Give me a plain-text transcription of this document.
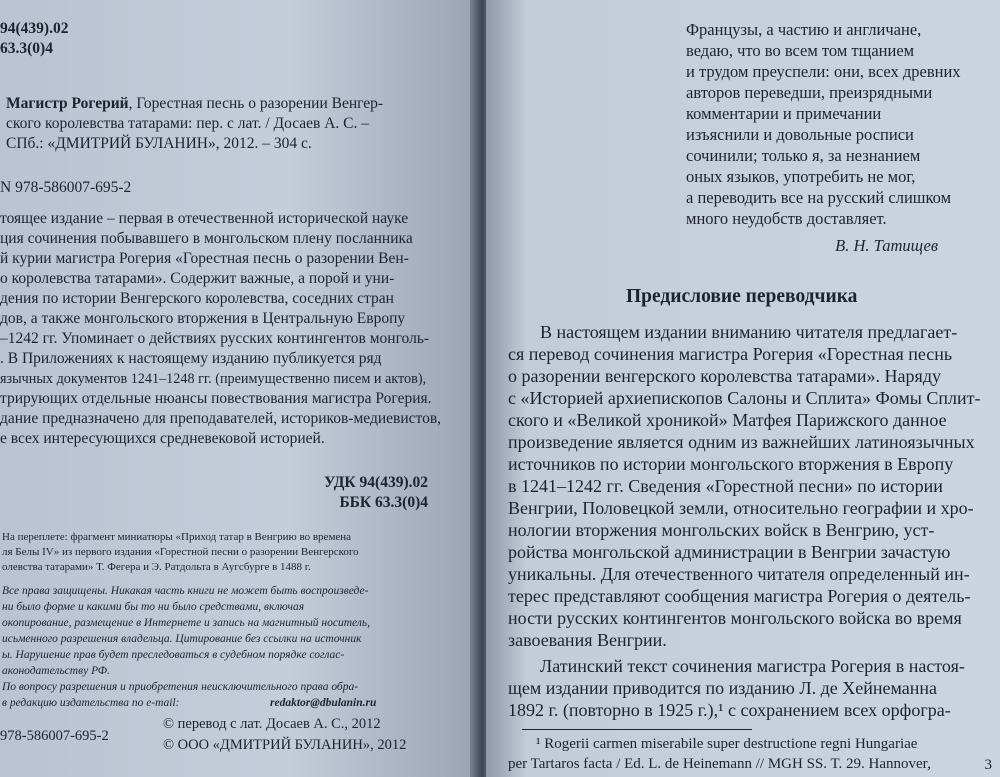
94(439).02
63.3(0)4
Магистр Рогерий, Горестная песнь о разорении Венгер-
ского королевства татарами: пер. с лат. / Досаев А. С. –
СПб.: «ДМИТРИЙ БУЛАНИН», 2012. – 304 с.
N 978-586007-695-2
тоящее издание – первая в отечественной исторической науке
ция сочинения побывавшего в монгольском плену посланника
й курии магистра Рогерия «Горестная песнь о разорении Вен-
о королевства татарами». Содержит важные, а порой и уни-
дения по истории Венгерского королевства, соседних стран
дов, а также монгольского вторжения в Центральную Европу
–1242 гг. Упоминает о действиях русских контингентов монголь-
. В Приложениях к настоящему изданию публикуется ряд
язычных документов 1241–1248 гг. (преимущественно писем и актов),
трирующих отдельные нюансы повествования магистра Рогерия.
дание предназначено для преподавателей, историков-медиевистов,
е всех интересующихся средневековой историей.
УДК 94(439).02
ББК 63.3(0)4
На переплете: фрагмент миниатюры «Приход татар в Венгрию во времена
ля Белы IV» из первого издания «Горестной песни о разорении Венгерского
олевства татарами» Т. Фегера и Э. Ратдольта в Аугсбурге в 1488 г.
Все права защищены. Никакая часть книги не может быть воспроизведе-
ни было форме и какими бы то ни было средствами, включая
окопирование, размещение в Интернете и запись на магнитный носитель,
исьменного разрешения владельца. Цитирование без ссылки на источник
ы. Нарушение прав будет преследоваться в судебном порядке соглас-
аконодательству РФ.
По вопросу разрешения и приобретения неисключительного права обра-
в редакцию издательства по e-mail:	redaktor@dbulanin.ru
978-586007-695-2
© перевод с лат. Досаев А. С., 2012
© ООО «ДМИТРИЙ БУЛАНИН», 2012
Французы, а частию и англичане,
ведаю, что во всем том тщанием
и трудом преуспели: они, всех древних
авторов переведши, преизрядными
комментарии и примечании
изъяснили и довольные росписи
сочинили; только я, за незнанием
оных языков, употребить не мог,
а переводить все на русский слишком
много неудобств доставляет.
В. Н. Татищев
Предисловие переводчика
В настоящем издании вниманию читателя предлагает-
ся перевод сочинения магистра Рогерия «Горестная песнь
о разорении венгерского королевства татарами». Наряду
с «Историей архиепископов Салоны и Сплита» Фомы Сплит-
ского и «Великой хроникой» Матфея Парижского данное
произведение является одним из важнейших латиноязычных
источников по истории монгольского вторжения в Европу
в 1241–1242 гг. Сведения «Горестной песни» по истории
Венгрии, Половецкой земли, относительно географии и хро-
нологии вторжения монгольских войск в Венгрию, уст-
ройства монгольской администрации в Венгрии зачастую
уникальны. Для отечественного читателя определенный ин-
терес представляют сообщения магистра Рогерия о деятель-
ности русских контингентов монгольского войска во время
завоевания Венгрии.
Латинский текст сочинения магистра Рогерия в настоя-
щем издании приводится по изданию Л. де Хейнеманна
1892 г. (повторно в 1925 г.),¹ с сохранением всех орфогра-
¹ Rogerii carmen miserabile super destructione regni Hungariae
per Tartaros facta / Ed. L. de Heinemann // MGH SS. T. 29. Hannover,	3
